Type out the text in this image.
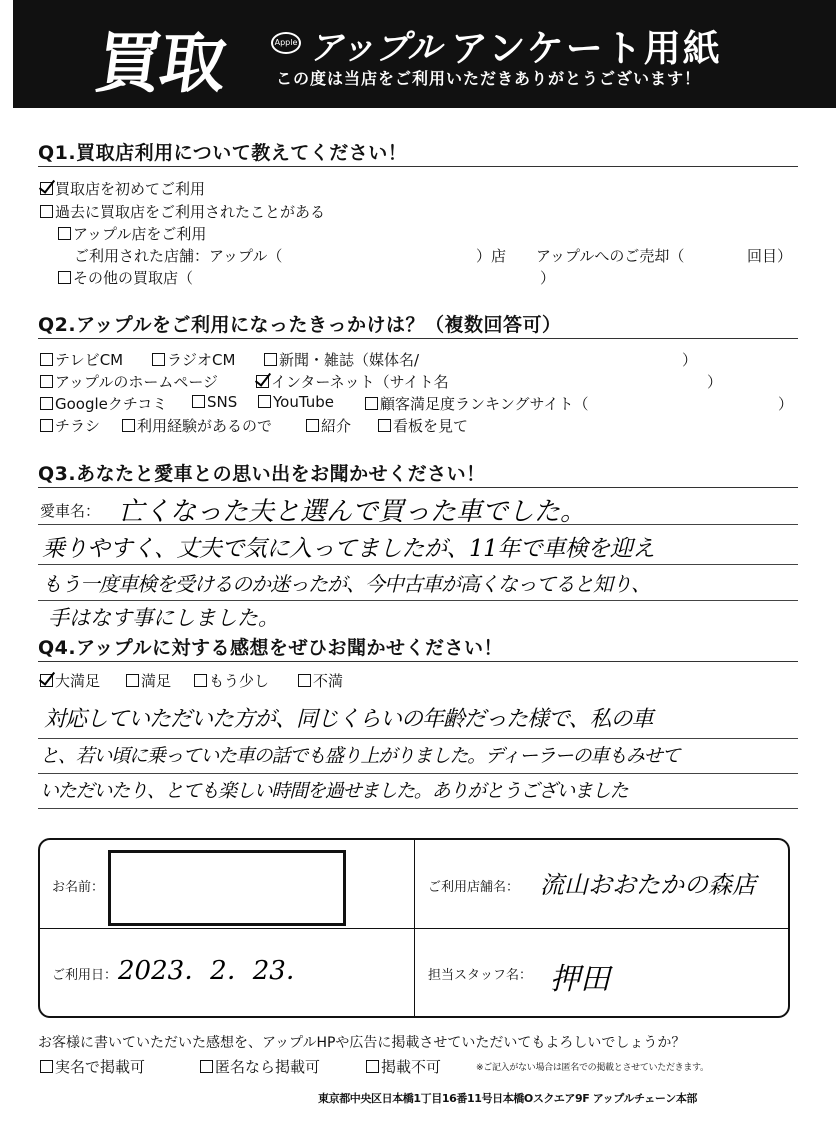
買取	Apple アップル アンケート用紙
この度は当店をご利用いただきありがとうございます！
Q1.買取店利用について教えてください！
買取店を初めてご利用
過去に買取店をご利用されたことがある
アップル店をご利用
ご利用された店舗：アップル（	）店 アップルへのご売却（	回目）
その他の買取店（	）
Q2.アップルをご利用になったきっかけは？（複数回答可）
テレビCM	ラジオCM	新聞・雑誌（媒体名/	）
アップルのホームページ	インターネット（サイト名	）
Googleクチコミ	SNS	YouTube	顧客満足度ランキングサイト（	）
チラシ	利用経験があるので	紹介	看板を見て
Q3.あなたと愛車との思い出をお聞かせください！
愛車名： 亡くなった夫と選んで買った車でした。
乗りやすく、丈夫で気に入ってましたが、11年で車検を迎え
もう一度車検を受けるのか迷ったが、今中古車が高くなってると知り、
手はなす事にしました。
Q4.アップルに対する感想をぜひお聞かせください！
大満足	満足	もう少し	不満
対応していただいた方が、同じくらいの年齢だった様で、私の車
と、若い頃に乗っていた車の話でも盛り上がりました。ディーラーの車もみせて
いただいたり、とても楽しい時間を過せました。ありがとうございました
お名前：	ご利用店舗名： 流山おおたかの森店
ご利用日： 2023．2．23．	担当スタッフ名： 押田
お客様に書いていただいた感想を、アップルHPや広告に掲載させていただいてもよろしいでしょうか？
実名で掲載可	匿名なら掲載可	掲載不可	※ご記入がない場合は匿名での掲載とさせていただきます。
東京都中央区日本橋1丁目16番11号日本橋Oスクエア9F アップルチェーン本部
